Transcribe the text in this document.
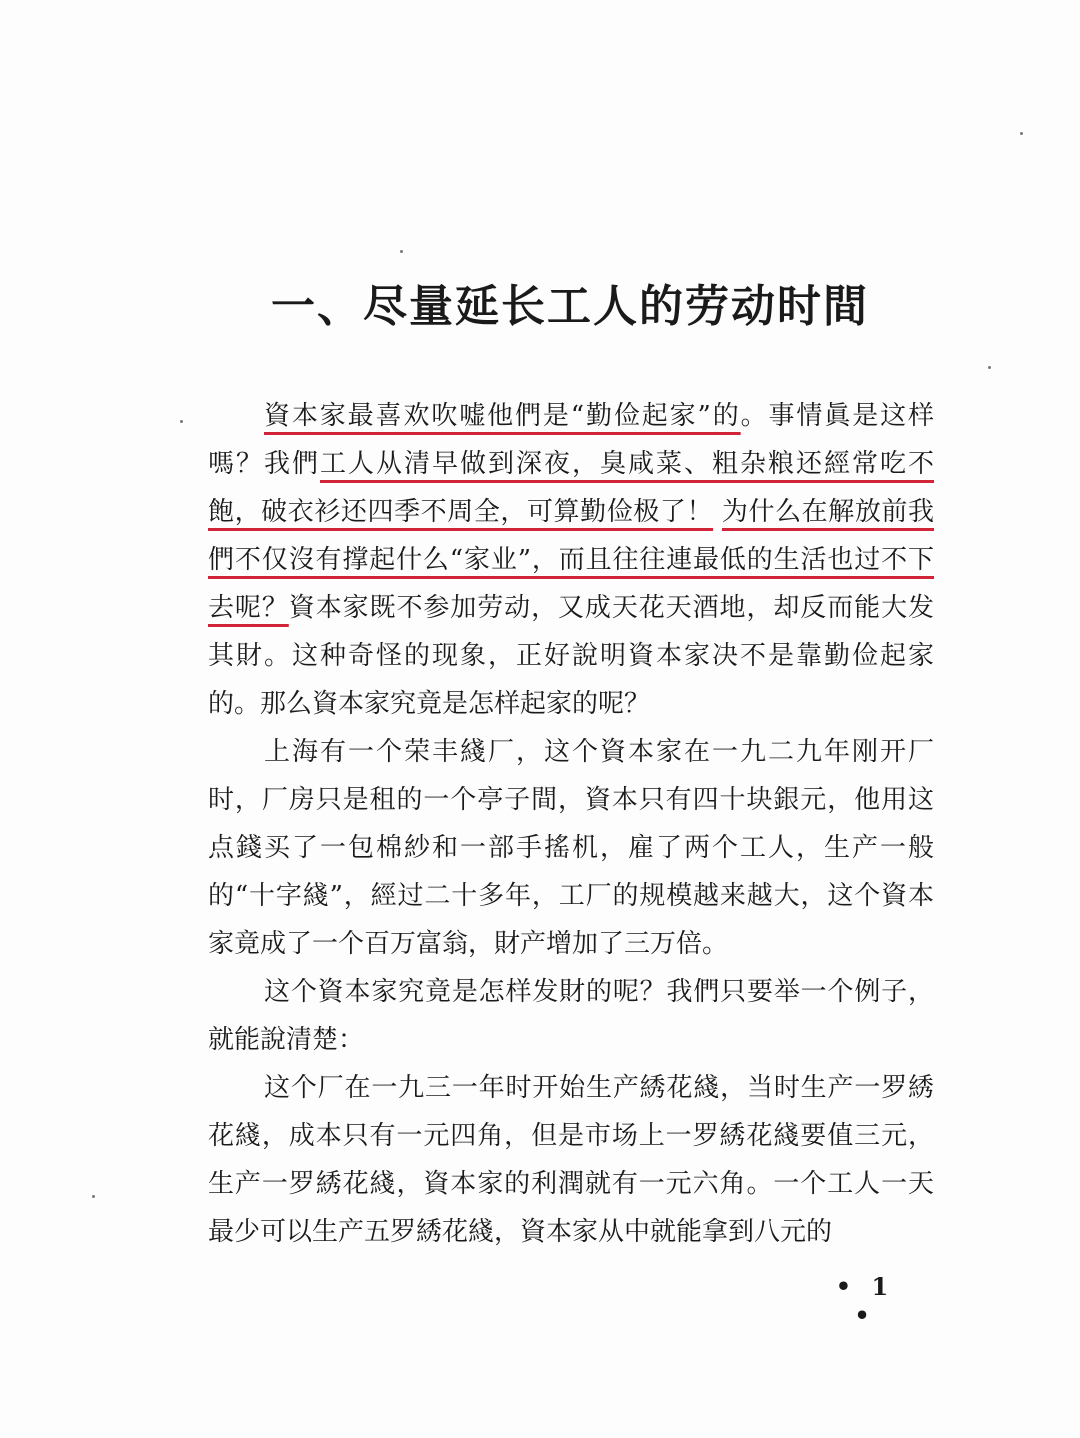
一、尽量延长工人的劳动时間

資本家最喜欢吹嘘他們是“勤俭起家”的。事情眞是这样嗎？我們工人从清早做到深夜，臭咸菜、粗杂粮还經常吃不飽，破衣衫还四季不周全，可算勤俭极了！ 为什么在解放前我們不仅沒有撑起什么“家业”，而且往往連最低的生活也过不下去呢？資本家既不参加劳动，又成天花天酒地，却反而能大发其財。这种奇怪的现象，正好說明資本家决不是靠勤俭起家的。那么資本家究竟是怎样起家的呢？

上海有一个荣丰綫厂，这个資本家在一九二九年刚开厂时，厂房只是租的一个亭子間，資本只有四十块銀元，他用这点錢买了一包棉紗和一部手搖机，雇了两个工人，生产一般的“十字綫”，經过二十多年，工厂的规模越来越大，这个資本家竟成了一个百万富翁，財产增加了三万倍。

这个資本家究竟是怎样发財的呢？我們只要举一个例子，就能說清楚：

这个厂在一九三一年时开始生产綉花綫，当时生产一罗綉花綫，成本只有一元四角，但是市场上一罗綉花綫要值三元，生产一罗綉花綫，資本家的利潤就有一元六角。一个工人一天最少可以生产五罗綉花綫，資本家从中就能拿到八元的

• 1 •
